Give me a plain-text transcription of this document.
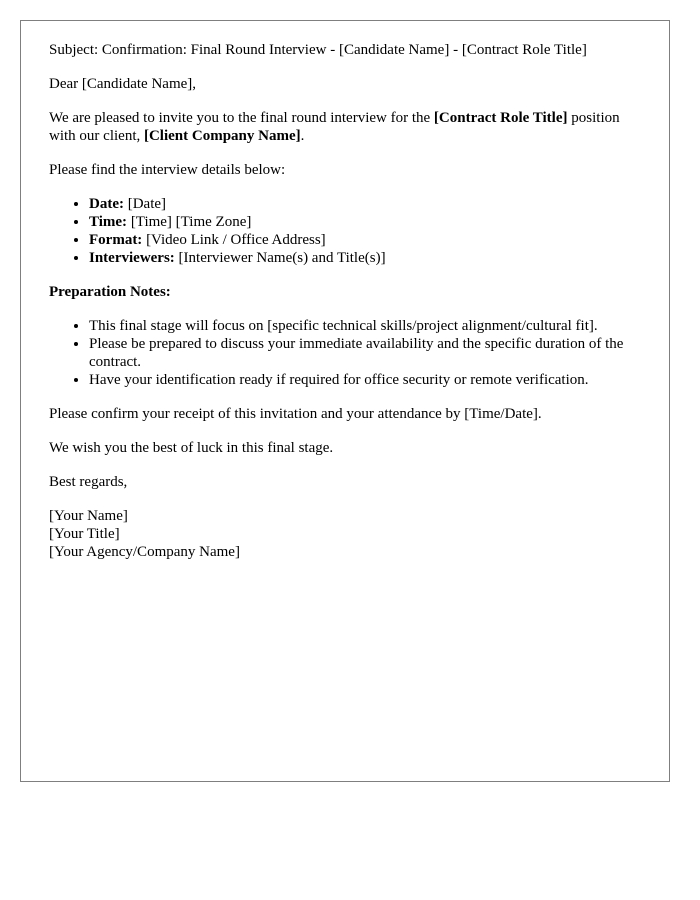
Subject: Confirmation: Final Round Interview - [Candidate Name] - [Contract Role Title]

Dear [Candidate Name],

We are pleased to invite you to the final round interview for the [Contract Role Title] position with our client, [Client Company Name].

Please find the interview details below:

• Date: [Date]
• Time: [Time] [Time Zone]
• Format: [Video Link / Office Address]
• Interviewers: [Interviewer Name(s) and Title(s)]

Preparation Notes:

• This final stage will focus on [specific technical skills/project alignment/cultural fit].
• Please be prepared to discuss your immediate availability and the specific duration of the contract.
• Have your identification ready if required for office security or remote verification.

Please confirm your receipt of this invitation and your attendance by [Time/Date].

We wish you the best of luck in this final stage.

Best regards,

[Your Name]

[Your Title]

[Your Agency/Company Name]
